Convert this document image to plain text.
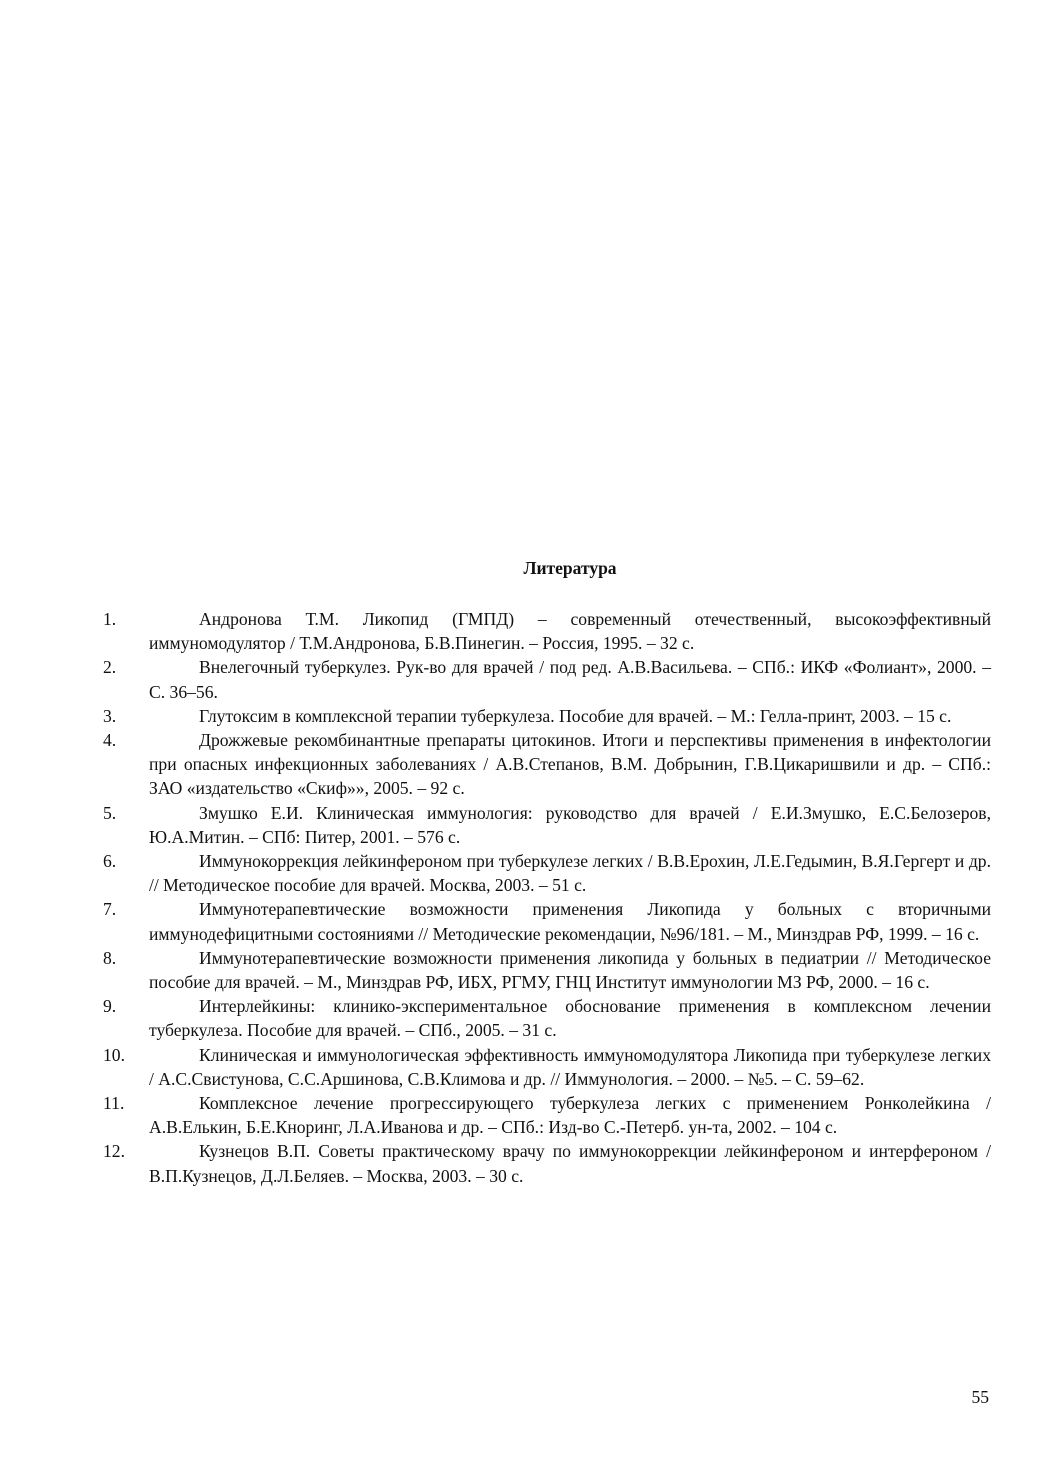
Литература
1.	Андронова Т.М. Ликопид (ГМПД) – современный отечественный, высокоэффективный иммуномодулятор / Т.М.Андронова, Б.В.Пинегин. – Россия, 1995. – 32 с.
2.	Внелегочный туберкулез. Рук-во для врачей / под ред. А.В.Васильева. – СПб.: ИКФ «Фолиант», 2000. – С. 36–56.
3.	Глутоксим в комплексной терапии туберкулеза. Пособие для врачей. – М.: Гелла-принт, 2003. – 15 с.
4.	Дрожжевые рекомбинантные препараты цитокинов. Итоги и перспективы применения в инфектологии при опасных инфекционных заболеваниях / А.В.Степанов, В.М. Добрынин, Г.В.Цикаришвили и др. – СПб.: ЗАО «издательство «Скиф»», 2005. – 92 с.
5.	Змушко Е.И. Клиническая иммунология: руководство для врачей / Е.И.Змушко, Е.С.Белозеров, Ю.А.Митин. – СПб: Питер, 2001. – 576 с.
6.	Иммунокоррекция лейкинфероном при туберкулезе легких / В.В.Ерохин, Л.Е.Гедымин, В.Я.Гергерт и др. // Методическое пособие для врачей. Москва, 2003. – 51 с.
7.	Иммунотерапевтические возможности применения Ликопида у больных с вторичными иммунодефицитными состояниями // Методические рекомендации, №96/181. – М., Минздрав РФ, 1999. – 16 с.
8.	Иммунотерапевтические возможности применения ликопида у больных в педиатрии // Методическое пособие для врачей. – М., Минздрав РФ, ИБХ, РГМУ, ГНЦ Институт иммунологии МЗ РФ, 2000. – 16 с.
9.	Интерлейкины: клинико-экспериментальное обоснование применения в комплексном лечении туберкулеза. Пособие для врачей. – СПб., 2005. – 31 с.
10.	Клиническая и иммунологическая эффективность иммуномодулятора Ликопида при туберкулезе легких / А.С.Свистунова, С.С.Аршинова, С.В.Климова и др. // Иммунология. – 2000. – №5. – С. 59–62.
11.	Комплексное лечение прогрессирующего туберкулеза легких с применением Ронколейкина / А.В.Елькин, Б.Е.Кноринг, Л.А.Иванова и др. – СПб.: Изд-во С.-Петерб. ун-та, 2002. – 104 с.
12.	Кузнецов В.П. Советы практическому врачу по иммунокоррекции лейкинфероном и интерфероном / В.П.Кузнецов, Д.Л.Беляев. – Москва, 2003. – 30 с.
55
